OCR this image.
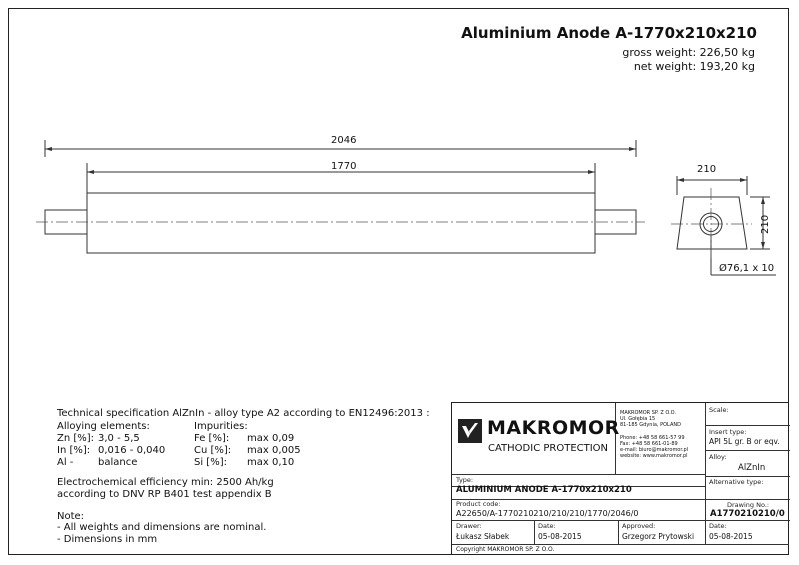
Aluminium Anode A-1770x210x210
gross weight: 226,50 kg
net weight: 193,20 kg
2046
1770	210
210
Ø76,1 x 10
Technical specification AlZnIn - alloy type A2 according to EN12496:2013 :
Alloying elements:	Impurities:
Zn [%]: 3,0 - 5,5	Fe [%]: max 0,09
In [%]: 0,016 - 0,040	Cu [%]: max 0,005
Al - balance	Si [%]: max 0,10
Electrochemical efficiency min: 2500 Ah/kg
according to DNV RP B401 test appendix B
Note:
- All weights and dimensions are nominal.
- Dimensions in mm
MAKROMOR
CATHODIC PROTECTION
MAKROMOR SP. Z O.O.
Ul. Gołębia 15
81-185 Gdynia, POLAND

Phone: +48 58 661-57 99
Fax: +48 58 661-01-89
e-mail: biuro@makromor.pl
website: www.makromor.pl
Scale:
Insert type:
API 5L gr. B or eqv.
Alloy:
AlZnIn
Type:
ALUMINIUM ANODE A-1770x210x210
Alternative type:
Product code:
A22650/A-1770210210/210/210/1770/2046/0
Drawing No.:
A1770210210/0
Drawer:
Łukasz Słabek
Date:
05-08-2015
Approved:
Grzegorz Prytowski
Date:
05-08-2015
Copyright MAKROMOR SP. Z O.O.
